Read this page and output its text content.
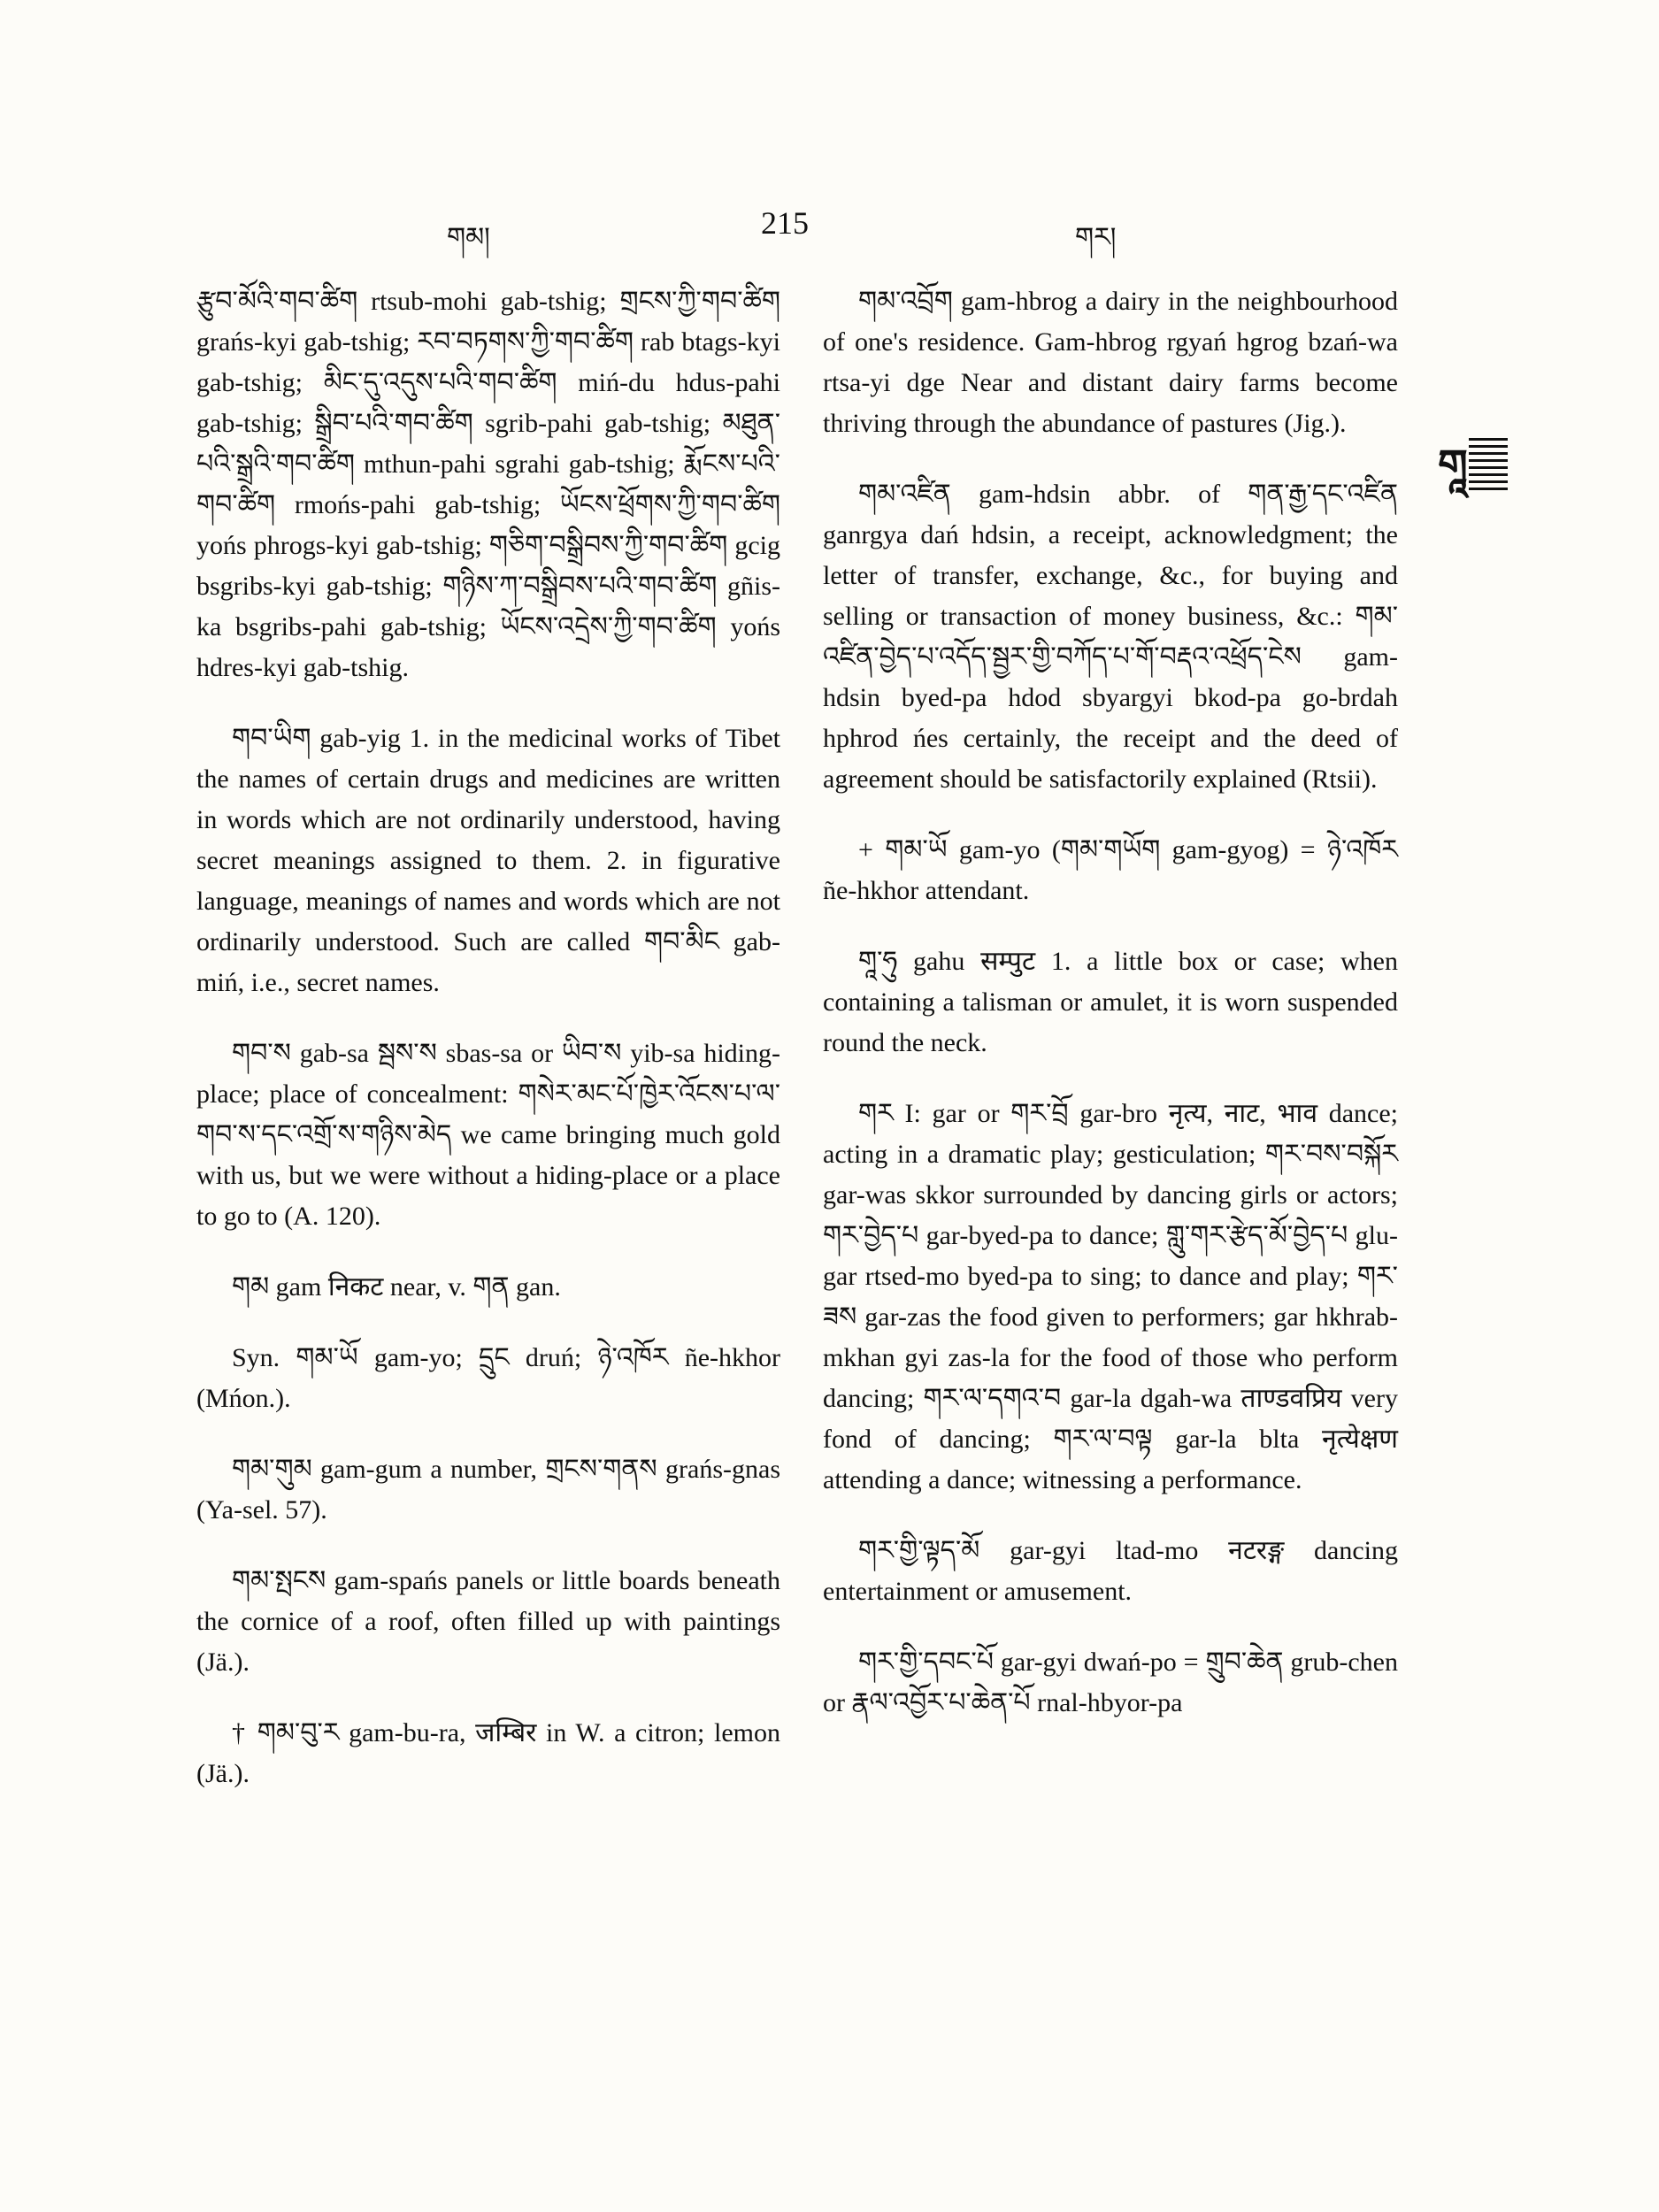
གམ།	215	གར།
གཱ

རྩུབ་མོའི་གབ་ཚིག rtsub-mohi gab-tshig; གྲངས་ཀྱི་གབ་ཚིག grańs-kyi gab-tshig; རབ་བཏགས་ཀྱི་གབ་ཚིག rab btags-kyi gab-tshig; མིང་དུ་འདུས་པའི་གབ་ཚིག miń-du hdus-pahi gab-tshig; སྒྲིབ་པའི་གབ་ཚིག sgrib-pahi gab-tshig; མཐུན་པའི་སྒྲའི་གབ་ཚིག mthun-pahi sgrahi gab-tshig; རྨོངས་པའི་གབ་ཚིག rmońs-pahi gab-tshig; ཡོངས་ཕྲོགས་ཀྱི་གབ་ཚིག yońs phrogs-kyi gab-tshig; གཅིག་བསྒྲིབས་ཀྱི་གབ་ཚིག gcig bsgribs-kyi gab-tshig; གཉིས་ཀ་བསྒྲིབས་པའི་གབ་ཚིག gñis-ka bsgribs-pahi gab-tshig; ཡོངས་འདྲེས་ཀྱི་གབ་ཚིག yońs hdres-kyi gab-tshig.

གབ་ཡིག gab-yig 1. in the medicinal works of Tibet the names of certain drugs and medicines are written in words which are not ordinarily understood, having secret meanings assigned to them. 2. in figurative language, meanings of names and words which are not ordinarily understood. Such are called གབ་མིང gab-miń, i.e., secret names.

གབ་ས gab-sa སྦས་ས sbas-sa or ཡིབ་ས yib-sa hiding-place; place of concealment: གསེར་མང་པོ་ཁྱེར་འོངས་པ་ལ་གབ་ས་དང་འགྲོ་ས་གཉིས་མེད we came bringing much gold with us, but we were without a hiding-place or a place to go to (A. 120).

གམ gam निकट near, v. གན gan.

Syn. གམ་ཡོ gam-yo; དྲུང druń; ཉེ་འཁོར ñe-hkhor (Mńon.).

གམ་གུམ gam-gum a number, གྲངས་གནས grańs-gnas (Ya-sel. 57).

གམ་སྤངས gam-spańs panels or little boards beneath the cornice of a roof, often filled up with paintings (Jä.).

† གམ་བུ་ར gam-bu-ra, जम्बिर in W. a citron; lemon (Jä.).

གམ་འབྲོག gam-hbrog a dairy in the neighbourhood of one's residence. Gam-hbrog rgyań hgrog bzań-wa rtsa-yi dge Near and distant dairy farms become thriving through the abundance of pastures (Jig.).

གམ་འཛིན gam-hdsin abbr. of གན་རྒྱ་དང་འཛིན ganrgya dań hdsin, a receipt, acknowledgment; the letter of transfer, exchange, &c., for buying and selling or transaction of money business, &c.: གམ་འཛིན་བྱེད་པ་འདོད་སྦྱར་གྱི་བཀོད་པ་གོ་བརྡའ་འཕྲོད་ངེས gam-hdsin byed-pa hdod sbyargyi bkod-pa go-brdah hphrod ńes certainly, the receipt and the deed of agreement should be satisfactorily explained (Rtsii).

+ གམ་ཡོ gam-yo (གམ་གཡོག gam-gyog) = ཉེ་འཁོར ñe-hkhor attendant.

གཱ་ཧུ gahu सम्पुट 1. a little box or case; when containing a talisman or amulet, it is worn suspended round the neck.

གར I: gar or གར་བྲོ gar-bro नृत्य, नाट, भाव dance; acting in a dramatic play; gesticulation; གར་བས་བསྐོར gar-was skkor surrounded by dancing girls or actors; གར་བྱེད་པ gar-byed-pa to dance; གླུ་གར་རྩེད་མོ་བྱེད་པ glu-gar rtsed-mo byed-pa to sing; to dance and play; གར་ཟས gar-zas the food given to performers; gar hkhrab-mkhan gyi zas-la for the food of those who perform dancing; གར་ལ་དགའ་བ gar-la dgah-wa ताण्डवप्रिय very fond of dancing; གར་ལ་བལྟ gar-la blta नृत्येक्षण attending a dance; witnessing a performance.

གར་གྱི་ལྟད་མོ gar-gyi ltad-mo नटरङ्ग dancing entertainment or amusement.

གར་གྱི་དབང་པོ gar-gyi dwań-po = གྲུབ་ཆེན grub-chen or རྣལ་འབྱོར་པ་ཆེན་པོ rnal-hbyor-pa
